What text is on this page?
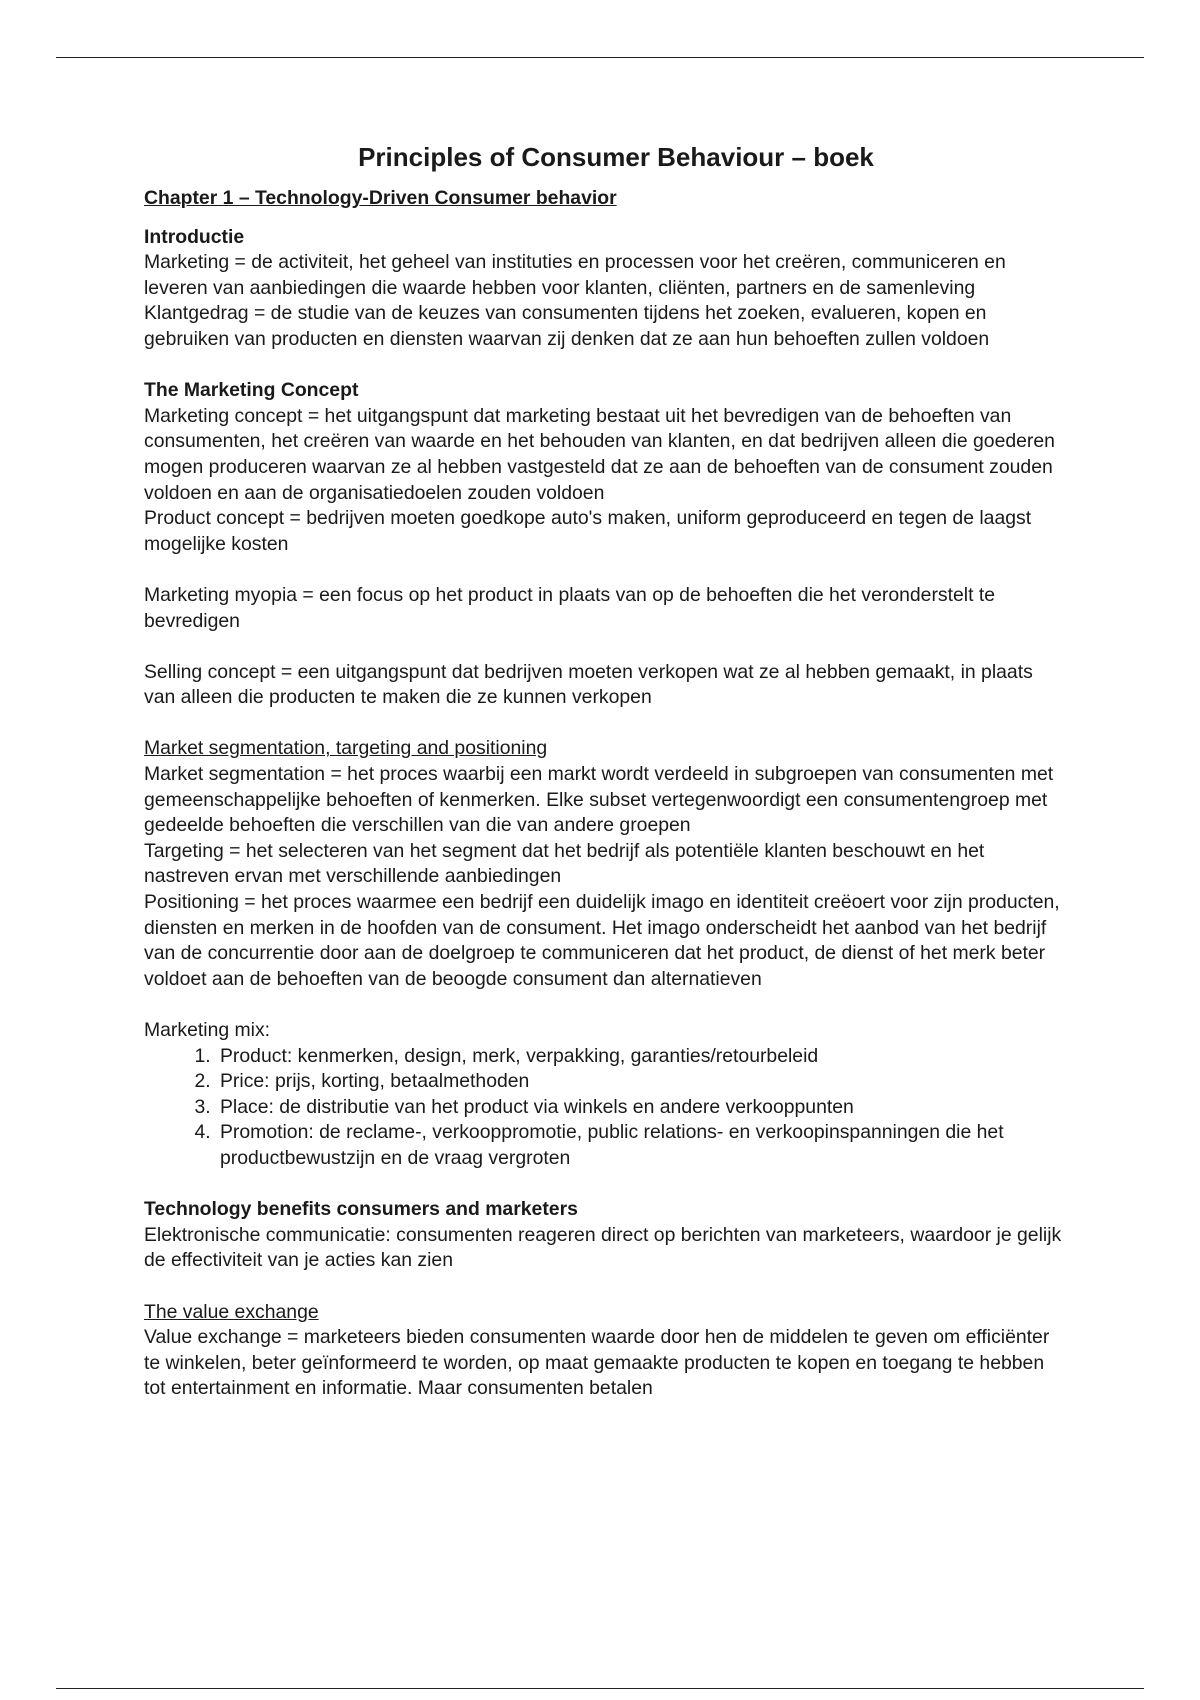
Principles of Consumer Behaviour – boek
Chapter 1 – Technology-Driven Consumer behavior
Introductie
Marketing = de activiteit, het geheel van instituties en processen voor het creëren, communiceren en leveren van aanbiedingen die waarde hebben voor klanten, cliënten, partners en de samenleving
Klantgedrag = de studie van de keuzes van consumenten tijdens het zoeken, evalueren, kopen en gebruiken van producten en diensten waarvan zij denken dat ze aan hun behoeften zullen voldoen
The Marketing Concept
Marketing concept = het uitgangspunt dat marketing bestaat uit het bevredigen van de behoeften van consumenten, het creëren van waarde en het behouden van klanten, en dat bedrijven alleen die goederen mogen produceren waarvan ze al hebben vastgesteld dat ze aan de behoeften van de consument zouden voldoen en aan de organisatiedoelen zouden voldoen
Product concept = bedrijven moeten goedkope auto's maken, uniform geproduceerd en tegen de laagst mogelijke kosten
Marketing myopia = een focus op het product in plaats van op de behoeften die het veronderstelt te bevredigen
Selling concept = een uitgangspunt dat bedrijven moeten verkopen wat ze al hebben gemaakt, in plaats van alleen die producten te maken die ze kunnen verkopen
Market segmentation, targeting and positioning
Market segmentation = het proces waarbij een markt wordt verdeeld in subgroepen van consumenten met gemeenschappelijke behoeften of kenmerken. Elke subset vertegenwoordigt een consumentengroep met gedeelde behoeften die verschillen van die van andere groepen
Targeting = het selecteren van het segment dat het bedrijf als potentiële klanten beschouwt en het nastreven ervan met verschillende aanbiedingen
Positioning = het proces waarmee een bedrijf een duidelijk imago en identiteit creëoert voor zijn producten, diensten en merken in de hoofden van de consument. Het imago onderscheidt het aanbod van het bedrijf van de concurrentie door aan de doelgroep te communiceren dat het product, de dienst of het merk beter voldoet aan de behoeften van de beoogde consument dan alternatieven
Marketing mix:
1. Product: kenmerken, design, merk, verpakking, garanties/retourbeleid
2. Price: prijs, korting, betaalmethoden
3. Place: de distributie van het product via winkels en andere verkooppunten
4. Promotion: de reclame-, verkooppromotie, public relations- en verkoopinspanningen die het productbewustzijn en de vraag vergroten
Technology benefits consumers and marketers
Elektronische communicatie: consumenten reageren direct op berichten van marketeers, waardoor je gelijk de effectiviteit van je acties kan zien
The value exchange
Value exchange = marketeers bieden consumenten waarde door hen de middelen te geven om efficiënter te winkelen, beter geïnformeerd te worden, op maat gemaakte producten te kopen en toegang te hebben tot entertainment en informatie. Maar consumenten betalen
